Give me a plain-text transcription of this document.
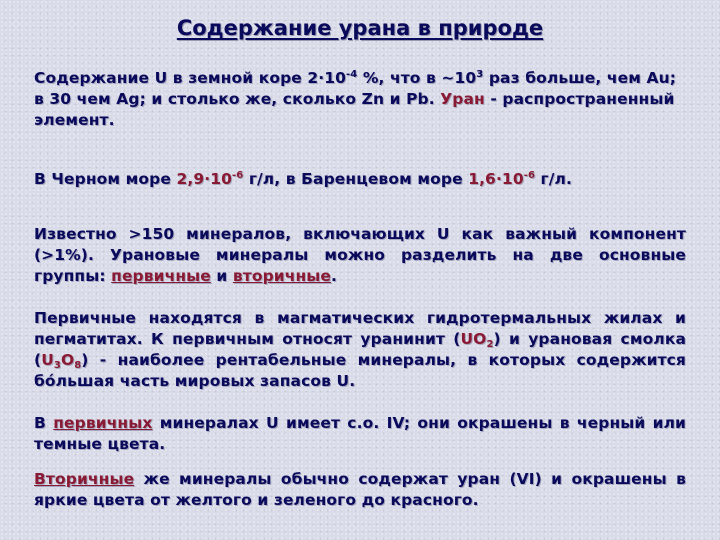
Содержание урана в природе
Содержание U в земной коре $2\cdot 10^{-4}$ %, что в $\sim 10^3$ раз больше, чем Au; в 30 чем Ag; и столько же, сколько Zn и Pb. Уран - распространенный элемент.
В Черном море $2,9\cdot 10^{-6}$ г/л, в Баренцевом море $1,6\cdot 10^{-6}$ г/л.
Известно >150 минералов, включающих U как важный компонент (>1%). Урановые минералы можно разделить на две основные группы: первичные и вторичные.
Первичные находятся в магматических гидротермальных жилах и пегматитах. К первичным относят уранинит $(UO_2)$ и урановая смолка $(U_3O_8)$ - наиболее рентабельные минералы, в которых содержится бóльшая часть мировых запасов U.
В первичных минералах U имеет с.о. IV; они окрашены в черный или темные цвета.
Вторичные же минералы обычно содержат уран (VI) и окрашены в яркие цвета от желтого и зеленого до красного.
